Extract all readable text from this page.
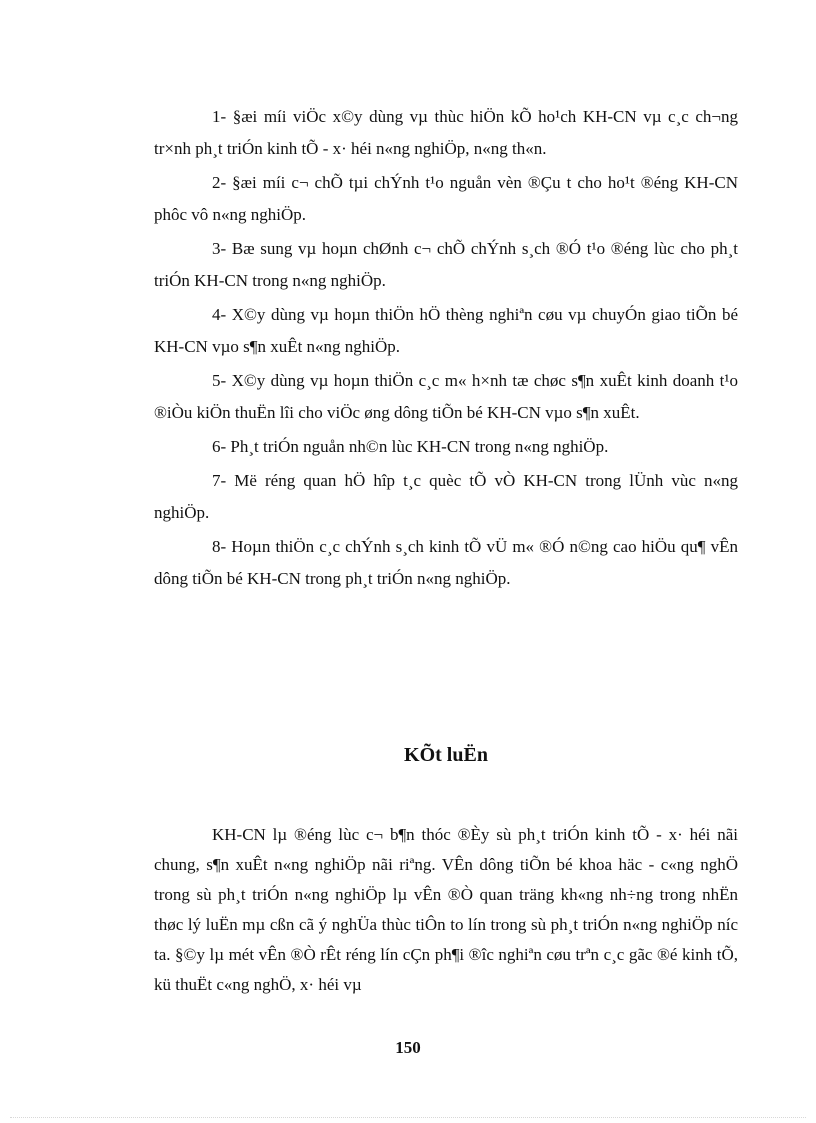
1- §æi míi viÖc x©y dùng vµ thùc hiÖn kÕ ho¹ch KH-CN vµ c¸c ch¬ng tr×nh ph¸t triÓn kinh tÕ - x· héi n«ng nghiÖp, n«ng th«n.

2- §æi míi c¬ chÕ tµi chÝnh t¹o nguån vèn ®Çu t cho ho¹t ®éng KH-CN phôc vô n«ng nghiÖp.

3- Bæ sung vµ hoµn chØnh c¬ chÕ chÝnh s¸ch ®Ó t¹o ®éng lùc cho ph¸t triÓn KH-CN trong n«ng nghiÖp.

4- X©y dùng vµ hoµn thiÖn hÖ thèng nghiªn cøu vµ chuyÓn giao tiÕn bé KH-CN vµo s¶n xuÊt n«ng nghiÖp.

5- X©y dùng vµ hoµn thiÖn c¸c m« h×nh tæ chøc s¶n xuÊt kinh doanh t¹o ®iÒu kiÖn thuËn lîi cho viÖc øng dông tiÕn bé KH-CN vµo s¶n xuÊt.

6- Ph¸t triÓn nguån nh©n lùc KH-CN trong n«ng nghiÖp.

7- Më réng quan hÖ hîp t¸c quèc tÕ vÒ KH-CN trong lÜnh vùc n«ng nghiÖp.

8- Hoµn thiÖn c¸c chÝnh s¸ch kinh tÕ vÜ m« ®Ó n©ng cao hiÖu qu¶ vÊn dông tiÕn bé KH-CN trong ph¸t triÓn n«ng nghiÖp.

KÕt luËn

KH-CN lµ ®éng lùc c¬ b¶n thóc ®Èy sù ph¸t triÓn kinh tÕ - x· héi nãi chung, s¶n xuÊt n«ng nghiÖp nãi riªng. VÊn dông tiÕn bé khoa häc - c«ng nghÖ trong sù ph¸t triÓn n«ng nghiÖp lµ vÊn ®Ò quan träng kh«ng nh÷ng trong nhËn thøc lý luËn mµ cßn cã ý nghÜa thùc tiÔn to lín trong sù ph¸t triÓn n«ng nghiÖp níc ta. §©y lµ mét vÊn ®Ò rÊt réng lín cÇn ph¶i ®îc nghiªn cøu trªn c¸c gãc ®é kinh tÕ, kü thuËt c«ng nghÖ, x· héi vµ

150
